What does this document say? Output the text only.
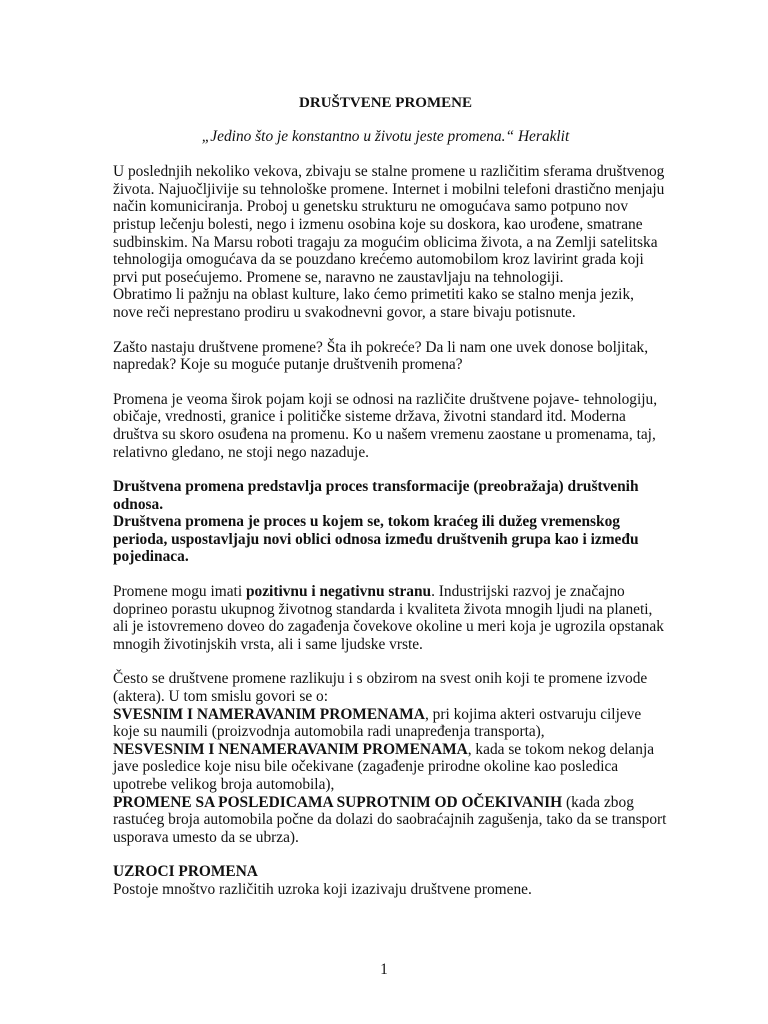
DRUŠTVENE PROMENE
„Jedino što je konstantno u životu jeste promena.“ Heraklit

U poslednjih nekoliko vekova, zbivaju se stalne promene u različitim sferama društvenog
života. Najuočljivije su tehnološke promene. Internet i mobilni telefoni drastično menjaju
način komuniciranja. Proboj u genetsku strukturu ne omogućava samo potpuno nov
pristup lečenju bolesti, nego i izmenu osobina koje su doskora, kao urođene, smatrane
sudbinskim. Na Marsu roboti tragaju za mogućim oblicima života, a na Zemlji satelitska
tehnologija omogućava da se pouzdano krećemo automobilom kroz lavirint grada koji
prvi put posećujemo. Promene se, naravno ne zaustavljaju na tehnologiji.
Obratimo li pažnju na oblast kulture, lako ćemo primetiti kako se stalno menja jezik,
nove reči neprestano prodiru u svakodnevni govor, a stare bivaju potisnute.

Zašto nastaju društvene promene? Šta ih pokreće? Da li nam one uvek donose boljitak,
napredak? Koje su moguće putanje društvenih promena?

Promena je veoma širok pojam koji se odnosi na različite društvene pojave- tehnologiju,
običaje, vrednosti, granice i političke sisteme država, životni standard itd. Moderna
društva su skoro osuđena na promenu. Ko u našem vremenu zaostane u promenama, taj,
relativno gledano, ne stoji nego nazaduje.

Društvena promena predstavlja proces transformacije (preobražaja) društvenih
odnosa.
Društvena promena je proces u kojem se, tokom kraćeg ili dužeg vremenskog
perioda, uspostavljaju novi oblici odnosa između društvenih grupa kao i između
pojedinaca.

Promene mogu imati pozitivnu i negativnu stranu. Industrijski razvoj je značajno
doprineo porastu ukupnog životnog standarda i kvaliteta života mnogih ljudi na planeti,
ali je istovremeno doveo do zagađenja čovekove okoline u meri koja je ugrozila opstanak
mnogih životinjskih vrsta, ali i same ljudske vrste.

Često se društvene promene razlikuju i s obzirom na svest onih koji te promene izvode
(aktera). U tom smislu govori se o:
SVESNIM I NAMERAVANIM PROMENAMA, pri kojima akteri ostvaruju ciljeve
koje su naumili (proizvodnja automobila radi unapređenja transporta),
NESVESNIM I NENAMERAVANIM PROMENAMA, kada se tokom nekog delanja
jave posledice koje nisu bile očekivane (zagađenje prirodne okoline kao posledica
upotrebe velikog broja automobila),
PROMENE SA POSLEDICAMA SUPROTNIM OD OČEKIVANIH (kada zbog
rastućeg broja automobila počne da dolazi do saobraćajnih zagušenja, tako da se transport
usporava umesto da se ubrza).

UZROCI PROMENA
Postoje mnoštvo različitih uzroka koji izazivaju društvene promene.

1
